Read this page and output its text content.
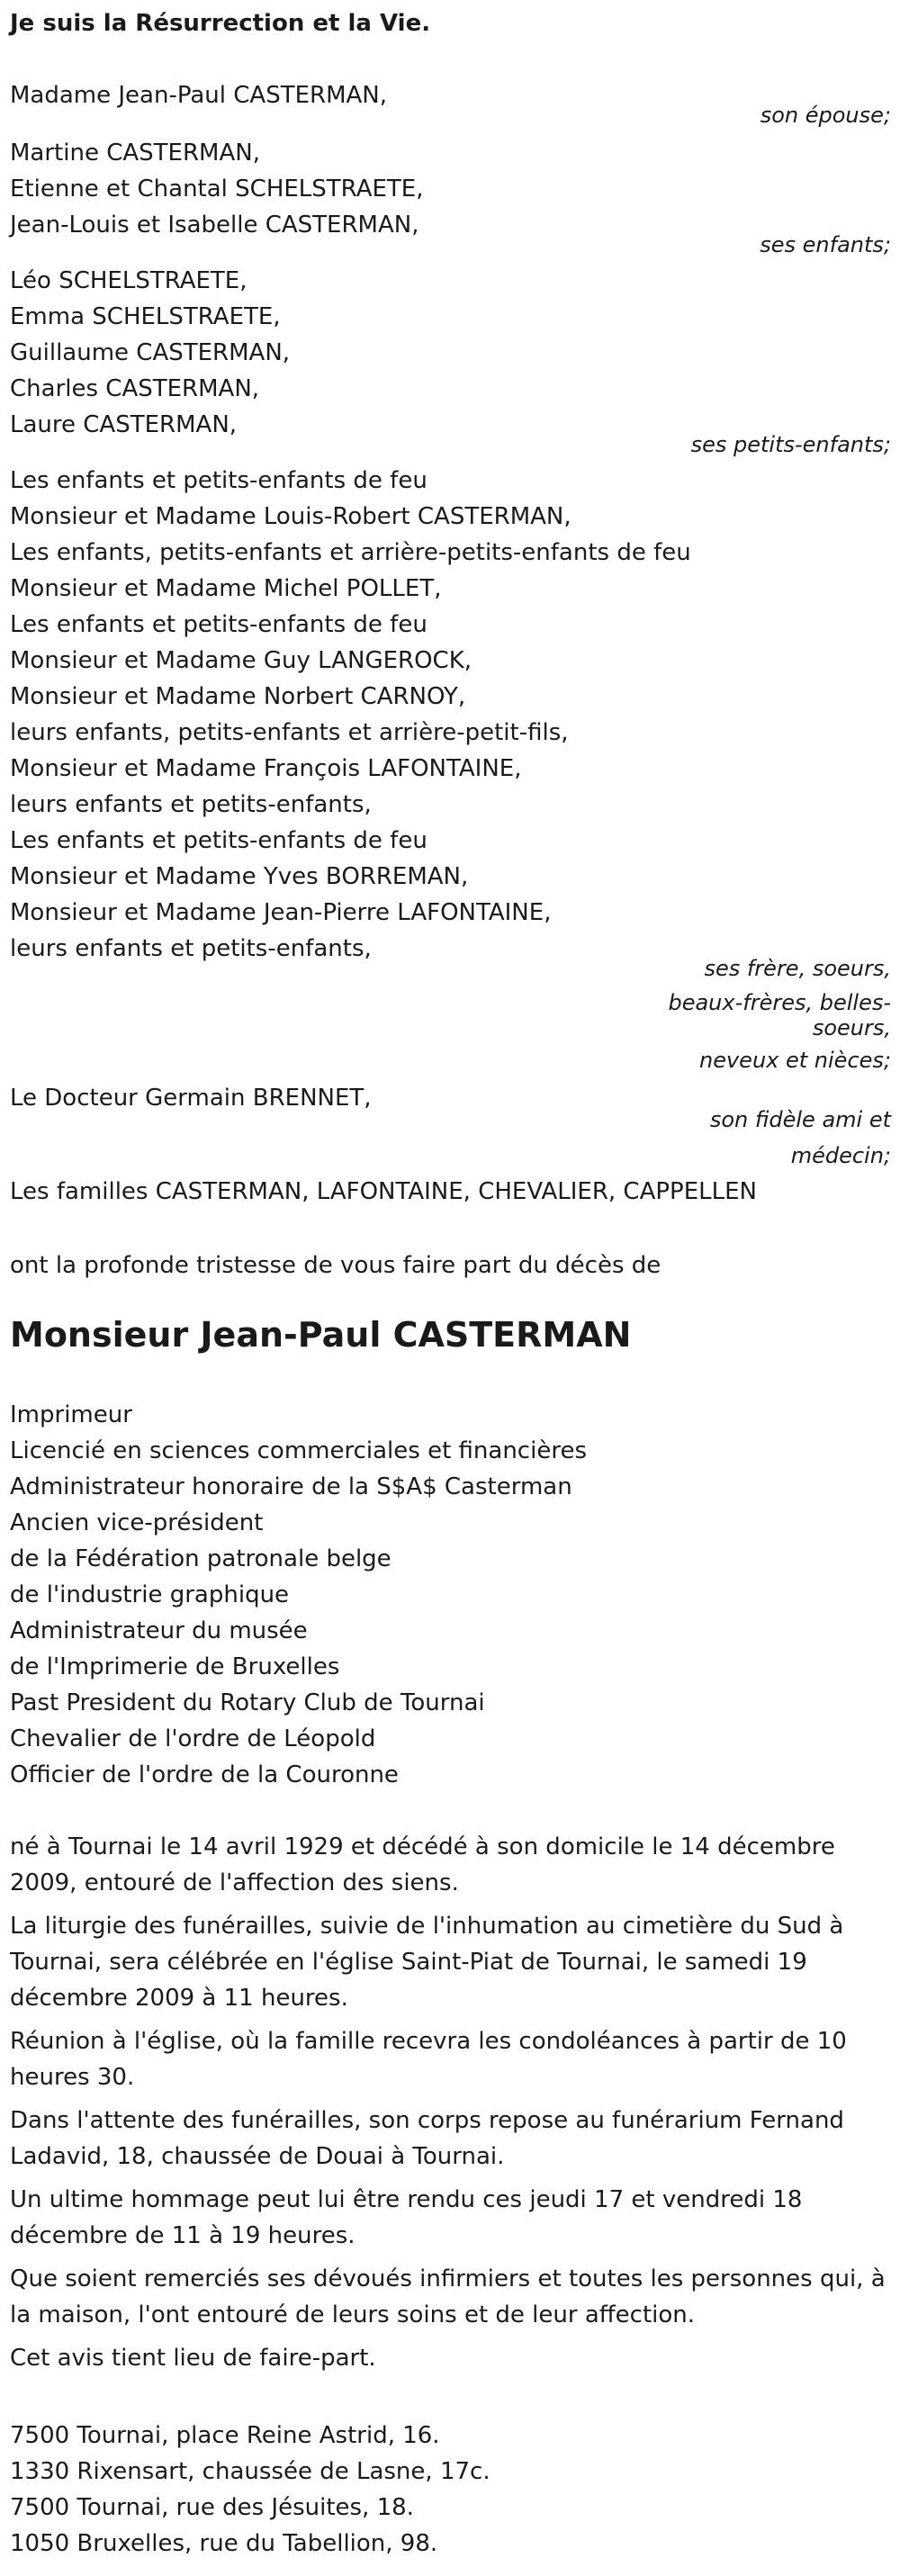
Je suis la Résurrection et la Vie.
Madame Jean-Paul CASTERMAN,
son épouse;
Martine CASTERMAN,
Etienne et Chantal SCHELSTRAETE,
Jean-Louis et Isabelle CASTERMAN,
ses enfants;
Léo SCHELSTRAETE,
Emma SCHELSTRAETE,
Guillaume CASTERMAN,
Charles CASTERMAN,
Laure CASTERMAN,
ses petits-enfants;
Les enfants et petits-enfants de feu
Monsieur et Madame Louis-Robert CASTERMAN,
Les enfants, petits-enfants et arrière-petits-enfants de feu
Monsieur et Madame Michel POLLET,
Les enfants et petits-enfants de feu
Monsieur et Madame Guy LANGEROCK,
Monsieur et Madame Norbert CARNOY,
leurs enfants, petits-enfants et arrière-petit-fils,
Monsieur et Madame François LAFONTAINE,
leurs enfants et petits-enfants,
Les enfants et petits-enfants de feu
Monsieur et Madame Yves BORREMAN,
Monsieur et Madame Jean-Pierre LAFONTAINE,
leurs enfants et petits-enfants,
ses frère, soeurs,
beaux-frères, belles-
soeurs,
neveux et nièces;
Le Docteur Germain BRENNET,
son fidèle ami et
médecin;
Les familles CASTERMAN, LAFONTAINE, CHEVALIER, CAPPELLEN
ont la profonde tristesse de vous faire part du décès de
Monsieur Jean-Paul CASTERMAN
Imprimeur
Licencié en sciences commerciales et financières
Administrateur honoraire de la S$A$ Casterman
Ancien vice-président
de la Fédération patronale belge
de l'industrie graphique
Administrateur du musée
de l'Imprimerie de Bruxelles
Past President du Rotary Club de Tournai
Chevalier de l'ordre de Léopold
Officier de l'ordre de la Couronne
né à Tournai le 14 avril 1929 et décédé à son domicile le 14 décembre 2009, entouré de l'affection des siens.
La liturgie des funérailles, suivie de l'inhumation au cimetière du Sud à Tournai, sera célébrée en l'église Saint-Piat de Tournai, le samedi 19 décembre 2009 à 11 heures.
Réunion à l'église, où la famille recevra les condoléances à partir de 10 heures 30.
Dans l'attente des funérailles, son corps repose au funérarium Fernand Ladavid, 18, chaussée de Douai à Tournai.
Un ultime hommage peut lui être rendu ces jeudi 17 et vendredi 18 décembre de 11 à 19 heures.
Que soient remerciés ses dévoués infirmiers et toutes les personnes qui, à la maison, l'ont entouré de leurs soins et de leur affection.
Cet avis tient lieu de faire-part.
7500 Tournai, place Reine Astrid, 16.
1330 Rixensart, chaussée de Lasne, 17c.
7500 Tournai, rue des Jésuites, 18.
1050 Bruxelles, rue du Tabellion, 98.
